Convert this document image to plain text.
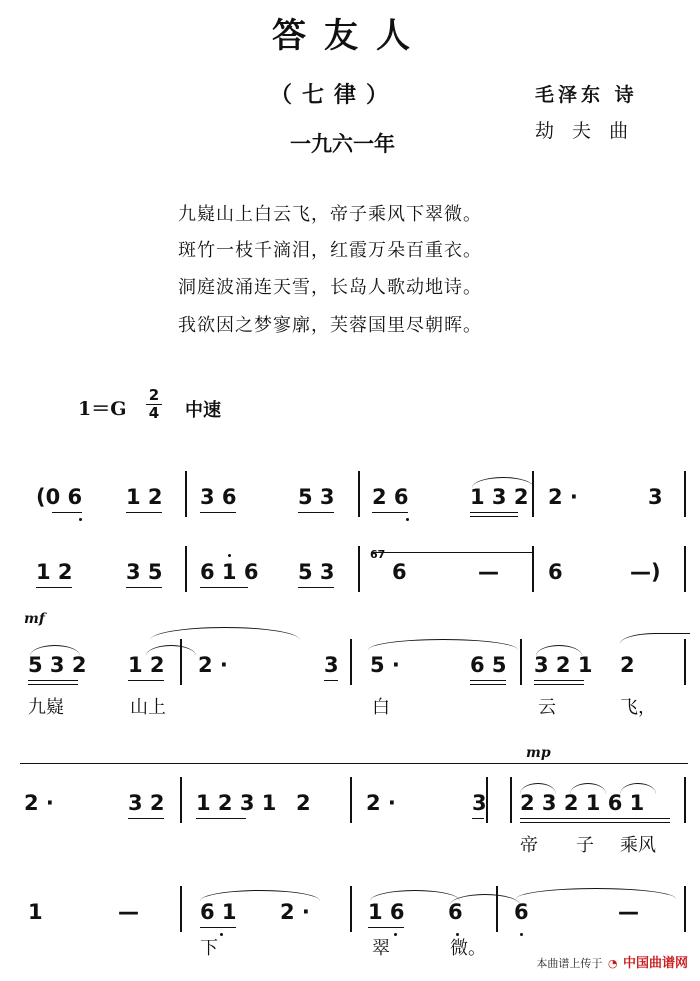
答友人
（七律）	毛泽东 诗
一九六一年	劫 夫 曲
九嶷山上白云飞，帝子乘风下翠微。
斑竹一枝千滴泪，红霞万朵百重衣。
洞庭波涌连天雪，长岛人歌动地诗。
我欲因之梦寥廓，芙蓉国里尽朝晖。
1＝G
2
4 中速
(0 6 1 2 3 6	5 3 2 6	1 3 2 2 ·	3
1 2	3 5 6 1 6 5 3	6	— 6	—)
67
mf
5 3 2 1 2 2 ·	3 5 ·	6 5 3 2 1 2
九嶷	山上	白	云	飞，
mp
2 ·	3 2 1 2 3 1 2	2 ·	3 2 3 2 1 6 1
帝 子 乘风
1	—	6 1 2 ·	1 6 6 6	—
下	翠	微。
本曲谱上传于 ◔ 中国曲谱网
